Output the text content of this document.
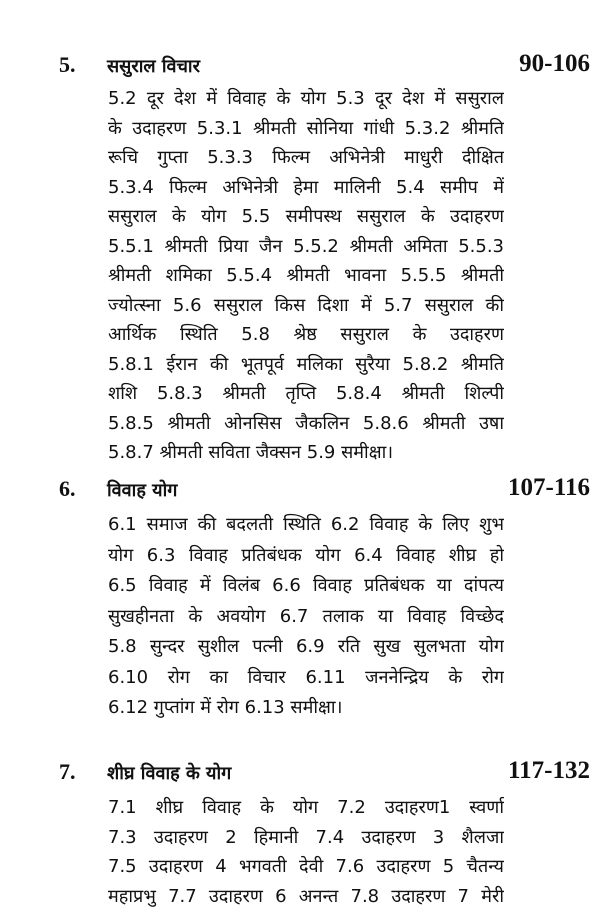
5. ससुराल विचार	90-106
5.2 दूर देश में विवाह के योग 5.3 दूर देश में ससुराल
के उदाहरण 5.3.1 श्रीमती सोनिया गांधी 5.3.2 श्रीमति
रूचि गुप्ता 5.3.3 फिल्म अभिनेत्री माधुरी दीक्षित
5.3.4 फिल्म अभिनेत्री हेमा मालिनी 5.4 समीप में
ससुराल के योग 5.5 समीपस्थ ससुराल के उदाहरण
5.5.1 श्रीमती प्रिया जैन 5.5.2 श्रीमती अमिता 5.5.3
श्रीमती शमिका 5.5.4 श्रीमती भावना 5.5.5 श्रीमती
ज्योत्स्ना 5.6 ससुराल किस दिशा में 5.7 ससुराल की
आर्थिक स्थिति 5.8 श्रेष्ठ ससुराल के उदाहरण
5.8.1 ईरान की भूतपूर्व मलिका सुरैया 5.8.2 श्रीमति
शशि 5.8.3 श्रीमती तृप्ति 5.8.4 श्रीमती शिल्पी
5.8.5 श्रीमती ओनसिस जैकलिन 5.8.6 श्रीमती उषा
5.8.7 श्रीमती सविता जैक्सन 5.9 समीक्षा।
6. विवाह योग	107-116
6.1 समाज की बदलती स्थिति 6.2 विवाह के लिए शुभ
योग 6.3 विवाह प्रतिबंधक योग 6.4 विवाह शीघ्र हो
6.5 विवाह में विलंब 6.6 विवाह प्रतिबंधक या दांपत्य
सुखहीनता के अवयोग 6.7 तलाक या विवाह विच्छेद
5.8 सुन्दर सुशील पत्नी 6.9 रति सुख सुलभता योग
6.10 रोग का विचार 6.11 जननेन्द्रिय के रोग
6.12 गुप्तांग में रोग 6.13 समीक्षा।
7. शीघ्र विवाह के योग	117-132
7.1 शीघ्र विवाह के योग 7.2 उदाहरण1 स्वर्णा
7.3 उदाहरण 2 हिमानी 7.4 उदाहरण 3 शैलजा
7.5 उदाहरण 4 भगवती देवी 7.6 उदाहरण 5 चैतन्य
महाप्रभु 7.7 उदाहरण 6 अनन्त 7.8 उदाहरण 7 मेरी
